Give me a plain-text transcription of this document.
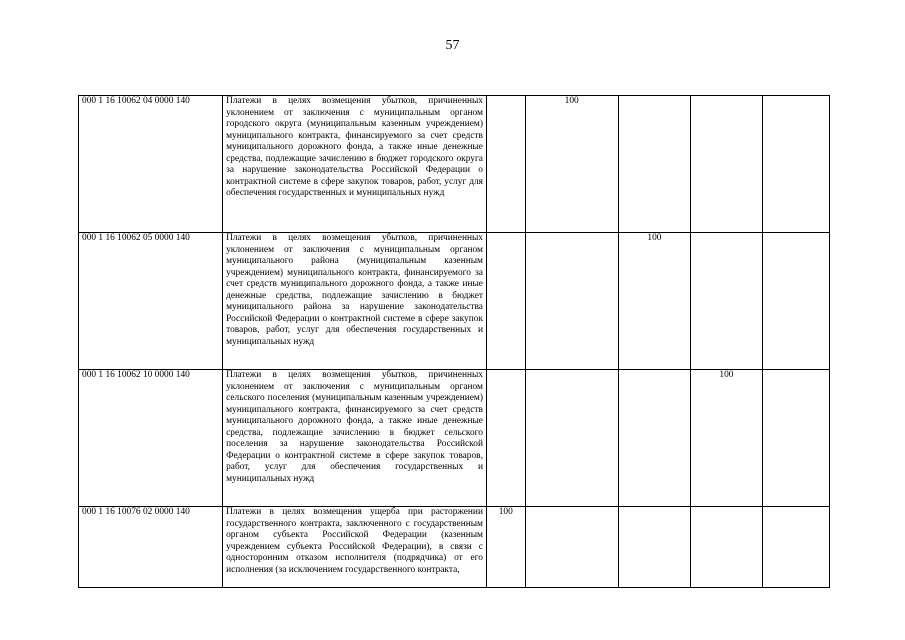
57
000 1 16 10062 04 0000 140	Платежи в целях возмещения убытков, причиненных уклонением от заключения с муниципальным органом городского округа (муниципальным казенным учреждением) муниципального контракта, финансируемого за счет средств муниципального дорожного фонда, а также иные денежные средства, подлежащие зачислению в бюджет городского округа за нарушение законодательства Российской Федерации о контрактной системе в сфере закупок товаров, работ, услуг для обеспечения государственных и муниципальных нужд		100			
000 1 16 10062 05 0000 140	Платежи в целях возмещения убытков, причиненных уклонением от заключения с муниципальным органом муниципального района (муниципальным казенным учреждением) муниципального контракта, финансируемого за счет средств муниципального дорожного фонда, а также иные денежные средства, подлежащие зачислению в бюджет муниципального района за нарушение законодательства Российской Федерации о контрактной системе в сфере закупок товаров, работ, услуг для обеспечения государственных и муниципальных нужд			100		
000 1 16 10062 10 0000 140	Платежи в целях возмещения убытков, причиненных уклонением от заключения с муниципальным органом сельского поселения (муниципальным казенным учреждением) муниципального контракта, финансируемого за счет средств муниципального дорожного фонда, а также иные денежные средства, подлежащие зачислению в бюджет сельского поселения за нарушение законодательства Российской Федерации о контрактной системе в сфере закупок товаров, работ, услуг для обеспечения государственных и муниципальных нужд				100	
000 1 16 10076 02 0000 140	Платежи в целях возмещения ущерба при расторжении государственного контракта, заключенного с государственным органом субъекта Российской Федерации (казенным учреждением субъекта Российской Федерации), в связи с односторонним отказом исполнителя (подрядчика) от его исполнения (за исключением государственного контракта,	100				
